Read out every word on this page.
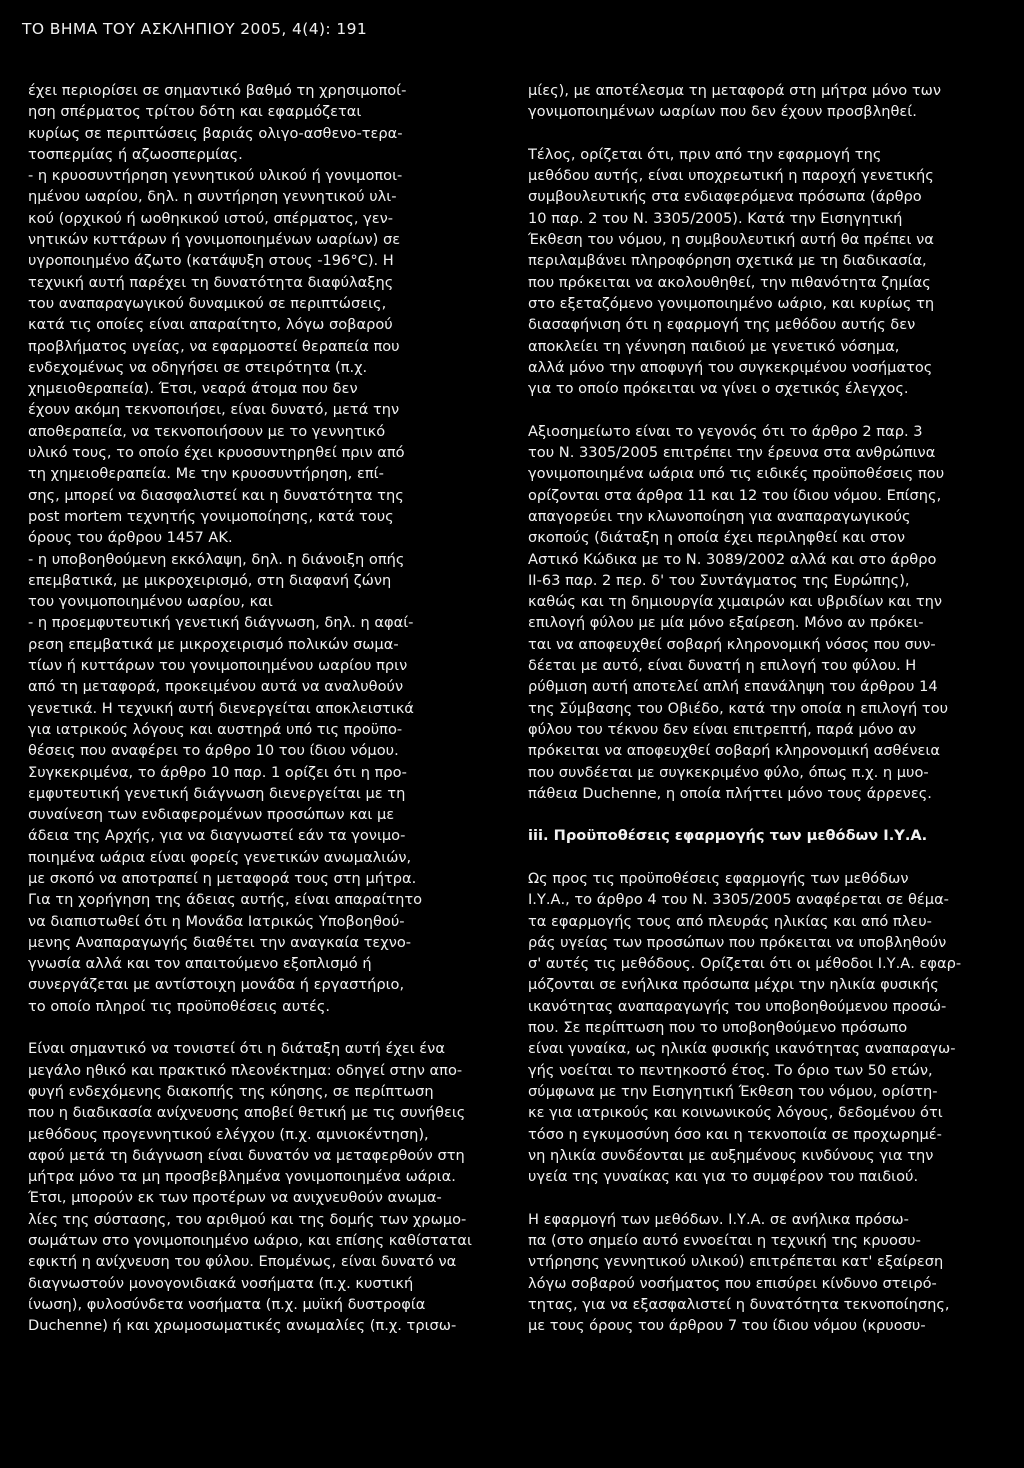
ΤΟ ΒΗΜΑ ΤΟΥ ΑΣΚΛΗΠΙΟΥ 2005, 4(4): 191
έχει περιορίσει σε σημαντικό βαθμό τη χρησιμοποί-
ηση σπέρματος τρίτου δότη και εφαρμόζεται
κυρίως σε περιπτώσεις βαριάς ολιγο-ασθενο-τερα-
τοσπερμίας ή αζωοσπερμίας.
- η κρυοσυντήρηση γεννητικού υλικού ή γονιμοποι-
ημένου ωαρίου, δηλ. η συντήρηση γεννητικού υλι-
κού (ορχικού ή ωοθηκικού ιστού, σπέρματος, γεν-
νητικών κυττάρων ή γονιμοποιημένων ωαρίων) σε
υγροποιημένο άζωτο (κατάψυξη στους -196°C). Η
τεχνική αυτή παρέχει τη δυνατότητα διαφύλαξης
του αναπαραγωγικού δυναμικού σε περιπτώσεις,
κατά τις οποίες είναι απαραίτητο, λόγω σοβαρού
προβλήματος υγείας, να εφαρμοστεί θεραπεία που
ενδεχομένως να οδηγήσει σε στειρότητα (π.χ.
χημειοθεραπεία). Έτσι, νεαρά άτομα που δεν
έχουν ακόμη τεκνοποιήσει, είναι δυνατό, μετά την
αποθεραπεία, να τεκνοποιήσουν με το γεννητικό
υλικό τους, το οποίο έχει κρυοσυντηρηθεί πριν από
τη χημειοθεραπεία. Με την κρυοσυντήρηση, επί-
σης, μπορεί να διασφαλιστεί και η δυνατότητα της
post mortem τεχνητής γονιμοποίησης, κατά τους
όρους του άρθρου 1457 ΑΚ.
- η υποβοηθούμενη εκκόλαψη, δηλ. η διάνοιξη οπής
επεμβατικά, με μικροχειρισμό, στη διαφανή ζώνη
του γονιμοποιημένου ωαρίου, και
- η προεμφυτευτική γενετική διάγνωση, δηλ. η αφαί-
ρεση επεμβατικά με μικροχειρισμό πολικών σωμα-
τίων ή κυττάρων του γονιμοποιημένου ωαρίου πριν
από τη μεταφορά, προκειμένου αυτά να αναλυθούν
γενετικά. Η τεχνική αυτή διενεργείται αποκλειστικά
για ιατρικούς λόγους και αυστηρά υπό τις προϋπο-
θέσεις που αναφέρει το άρθρο 10 του ίδιου νόμου.
Συγκεκριμένα, το άρθρο 10 παρ. 1 ορίζει ότι η προ-
εμφυτευτική γενετική διάγνωση διενεργείται με τη
συναίνεση των ενδιαφερομένων προσώπων και με
άδεια της Αρχής, για να διαγνωστεί εάν τα γονιμο-
ποιημένα ωάρια είναι φορείς γενετικών ανωμαλιών,
με σκοπό να αποτραπεί η μεταφορά τους στη μήτρα.
Για τη χορήγηση της άδειας αυτής, είναι απαραίτητο
να διαπιστωθεί ότι η Μονάδα Ιατρικώς Υποβοηθού-
μενης Αναπαραγωγής διαθέτει την αναγκαία τεχνο-
γνωσία αλλά και τον απαιτούμενο εξοπλισμό ή
συνεργάζεται με αντίστοιχη μονάδα ή εργαστήριο,
το οποίο πληροί τις προϋποθέσεις αυτές.
Είναι σημαντικό να τονιστεί ότι η διάταξη αυτή έχει ένα
μεγάλο ηθικό και πρακτικό πλεονέκτημα: οδηγεί στην απο-
φυγή ενδεχόμενης διακοπής της κύησης, σε περίπτωση
που η διαδικασία ανίχνευσης αποβεί θετική με τις συνήθεις
μεθόδους προγεννητικού ελέγχου (π.χ. αμνιοκέντηση),
αφού μετά τη διάγνωση είναι δυνατόν να μεταφερθούν στη
μήτρα μόνο τα μη προσβεβλημένα γονιμοποιημένα ωάρια.
Έτσι, μπορούν εκ των προτέρων να ανιχνευθούν ανωμα-
λίες της σύστασης, του αριθμού και της δομής των χρωμο-
σωμάτων στο γονιμοποιημένο ωάριο, και επίσης καθίσταται
εφικτή η ανίχνευση του φύλου. Επομένως, είναι δυνατό να
διαγνωστούν μονογονιδιακά νοσήματα (π.χ. κυστική
ίνωση), φυλοσύνδετα νοσήματα (π.χ. μυϊκή δυστροφία
Duchenne) ή και χρωμοσωματικές ανωμαλίες (π.χ. τρισω-
μίες), με αποτέλεσμα τη μεταφορά στη μήτρα μόνο των
γονιμοποιημένων ωαρίων που δεν έχουν προσβληθεί.
Τέλος, ορίζεται ότι, πριν από την εφαρμογή της
μεθόδου αυτής, είναι υποχρεωτική η παροχή γενετικής
συμβουλευτικής στα ενδιαφερόμενα πρόσωπα (άρθρο
10 παρ. 2 του Ν. 3305/2005). Κατά την Εισηγητική
Έκθεση του νόμου, η συμβουλευτική αυτή θα πρέπει να
περιλαμβάνει πληροφόρηση σχετικά με τη διαδικασία,
που πρόκειται να ακολουθηθεί, την πιθανότητα ζημίας
στο εξεταζόμενο γονιμοποιημένο ωάριο, και κυρίως τη
διασαφήνιση ότι η εφαρμογή της μεθόδου αυτής δεν
αποκλείει τη γέννηση παιδιού με γενετικό νόσημα,
αλλά μόνο την αποφυγή του συγκεκριμένου νοσήματος
για το οποίο πρόκειται να γίνει ο σχετικός έλεγχος.
Αξιοσημείωτο είναι το γεγονός ότι το άρθρο 2 παρ. 3
του Ν. 3305/2005 επιτρέπει την έρευνα στα ανθρώπινα
γονιμοποιημένα ωάρια υπό τις ειδικές προϋποθέσεις που
ορίζονται στα άρθρα 11 και 12 του ίδιου νόμου. Επίσης,
απαγορεύει την κλωνοποίηση για αναπαραγωγικούς
σκοπούς (διάταξη η οποία έχει περιληφθεί και στον
Αστικό Κώδικα με το Ν. 3089/2002 αλλά και στο άρθρο
ΙΙ-63 παρ. 2 περ. δ' του Συντάγματος της Ευρώπης),
καθώς και τη δημιουργία χιμαιρών και υβριδίων και την
επιλογή φύλου με μία μόνο εξαίρεση. Μόνο αν πρόκει-
ται να αποφευχθεί σοβαρή κληρονομική νόσος που συν-
δέεται με αυτό, είναι δυνατή η επιλογή του φύλου. Η
ρύθμιση αυτή αποτελεί απλή επανάληψη του άρθρου 14
της Σύμβασης του Οβιέδο, κατά την οποία η επιλογή του
φύλου του τέκνου δεν είναι επιτρεπτή, παρά μόνο αν
πρόκειται να αποφευχθεί σοβαρή κληρονομική ασθένεια
που συνδέεται με συγκεκριμένο φύλο, όπως π.χ. η μυο-
πάθεια Duchenne, η οποία πλήττει μόνο τους άρρενες.
iii. Προϋποθέσεις εφαρμογής των μεθόδων Ι.Υ.Α.
Ως προς τις προϋποθέσεις εφαρμογής των μεθόδων
Ι.Υ.Α., το άρθρο 4 του Ν. 3305/2005 αναφέρεται σε θέμα-
τα εφαρμογής τους από πλευράς ηλικίας και από πλευ-
ράς υγείας των προσώπων που πρόκειται να υποβληθούν
σ' αυτές τις μεθόδους. Ορίζεται ότι οι μέθοδοι Ι.Υ.Α. εφαρ-
μόζονται σε ενήλικα πρόσωπα μέχρι την ηλικία φυσικής
ικανότητας αναπαραγωγής του υποβοηθούμενου προσώ-
που. Σε περίπτωση που το υποβοηθούμενο πρόσωπο
είναι γυναίκα, ως ηλικία φυσικής ικανότητας αναπαραγω-
γής νοείται το πεντηκοστό έτος. Το όριο των 50 ετών,
σύμφωνα με την Εισηγητική Έκθεση του νόμου, ορίστη-
κε για ιατρικούς και κοινωνικούς λόγους, δεδομένου ότι
τόσο η εγκυμοσύνη όσο και η τεκνοποιία σε προχωρημέ-
νη ηλικία συνδέονται με αυξημένους κινδύνους για την
υγεία της γυναίκας και για το συμφέρον του παιδιού.
Η εφαρμογή των μεθόδων. Ι.Υ.Α. σε ανήλικα πρόσω-
πα (στο σημείο αυτό εννοείται η τεχνική της κρυοσυ-
ντήρησης γεννητικού υλικού) επιτρέπεται κατ' εξαίρεση
λόγω σοβαρού νοσήματος που επισύρει κίνδυνο στειρό-
τητας, για να εξασφαλιστεί η δυνατότητα τεκνοποίησης,
με τους όρους του άρθρου 7 του ίδιου νόμου (κρυοσυ-
